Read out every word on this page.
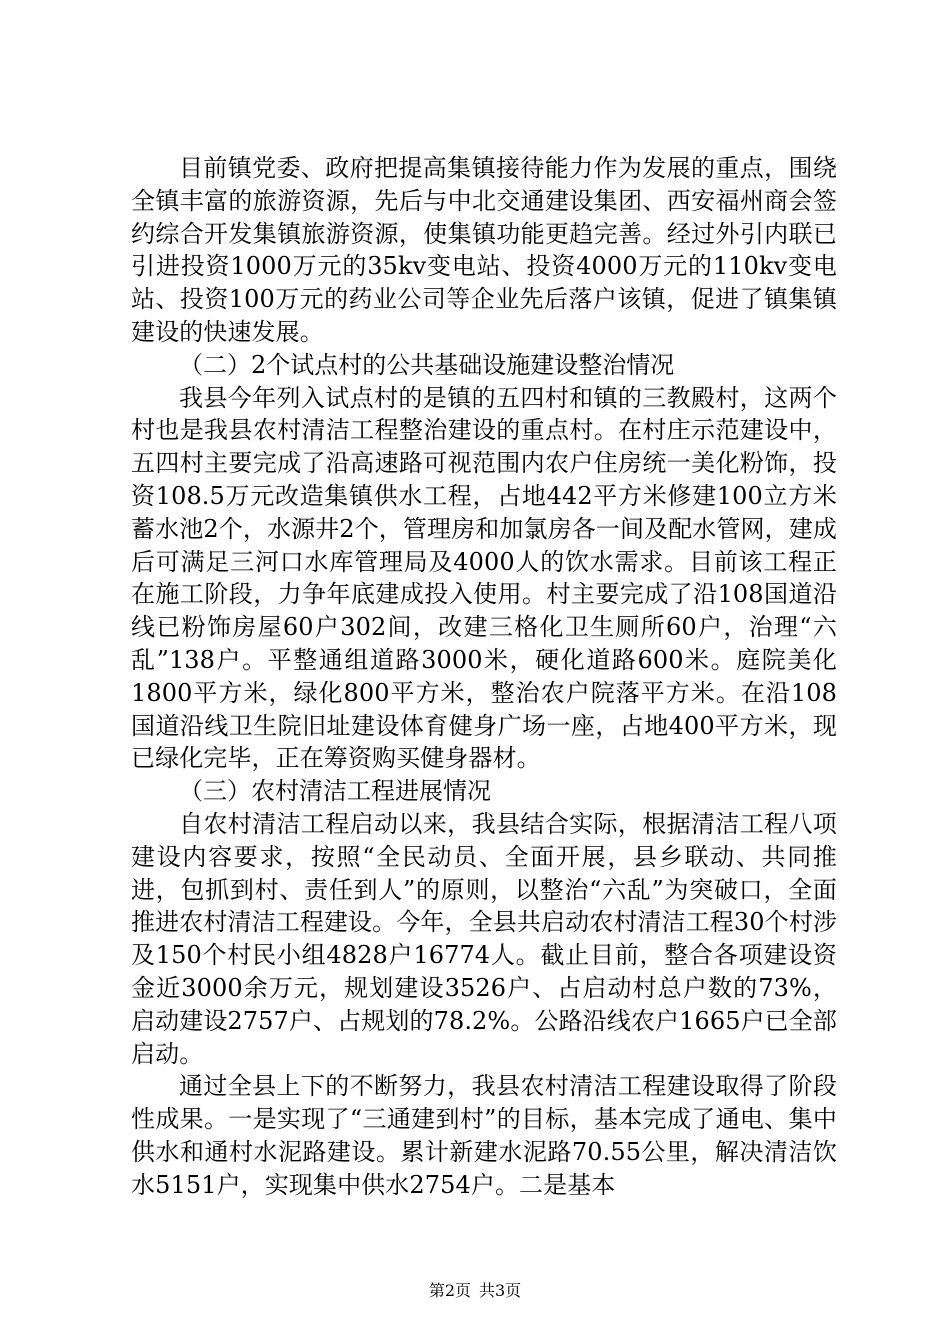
目前镇党委、政府把提高集镇接待能力作为发展的重点，围绕全镇丰富的旅游资源，先后与中北交通建设集团、西安福州商会签约综合开发集镇旅游资源，使集镇功能更趋完善。经过外引内联已引进投资1000万元的35kv变电站、投资4000万元的110kv变电站、投资100万元的药业公司等企业先后落户该镇，促进了镇集镇建设的快速发展。

（二）2个试点村的公共基础设施建设整治情况

我县今年列入试点村的是镇的五四村和镇的三教殿村，这两个村也是我县农村清洁工程整治建设的重点村。在村庄示范建设中，五四村主要完成了沿高速路可视范围内农户住房统一美化粉饰，投资108.5万元改造集镇供水工程，占地442平方米修建100立方米蓄水池2个，水源井2个，管理房和加氯房各一间及配水管网，建成后可满足三河口水库管理局及4000人的饮水需求。目前该工程正在施工阶段，力争年底建成投入使用。村主要完成了沿108国道沿线已粉饰房屋60户302间，改建三格化卫生厕所60户，治理“六乱”138户。平整通组道路3000米，硬化道路600米。庭院美化1800平方米，绿化800平方米，整治农户院落平方米。在沿108国道沿线卫生院旧址建设体育健身广场一座，占地400平方米，现已绿化完毕，正在筹资购买健身器材。

（三）农村清洁工程进展情况

自农村清洁工程启动以来，我县结合实际，根据清洁工程八项建设内容要求，按照“全民动员、全面开展，县乡联动、共同推进，包抓到村、责任到人”的原则，以整治“六乱”为突破口，全面推进农村清洁工程建设。今年，全县共启动农村清洁工程30个村涉及150个村民小组4828户16774人。截止目前，整合各项建设资金近3000余万元，规划建设3526户、占启动村总户数的73%，启动建设2757户、占规划的78.2%。公路沿线农户1665户已全部启动。

通过全县上下的不断努力，我县农村清洁工程建设取得了阶段性成果。一是实现了“三通建到村”的目标，基本完成了通电、集中供水和通村水泥路建设。累计新建水泥路70.55公里，解决清洁饮水5151户，实现集中供水2754户。二是基本

第2页 共3页
